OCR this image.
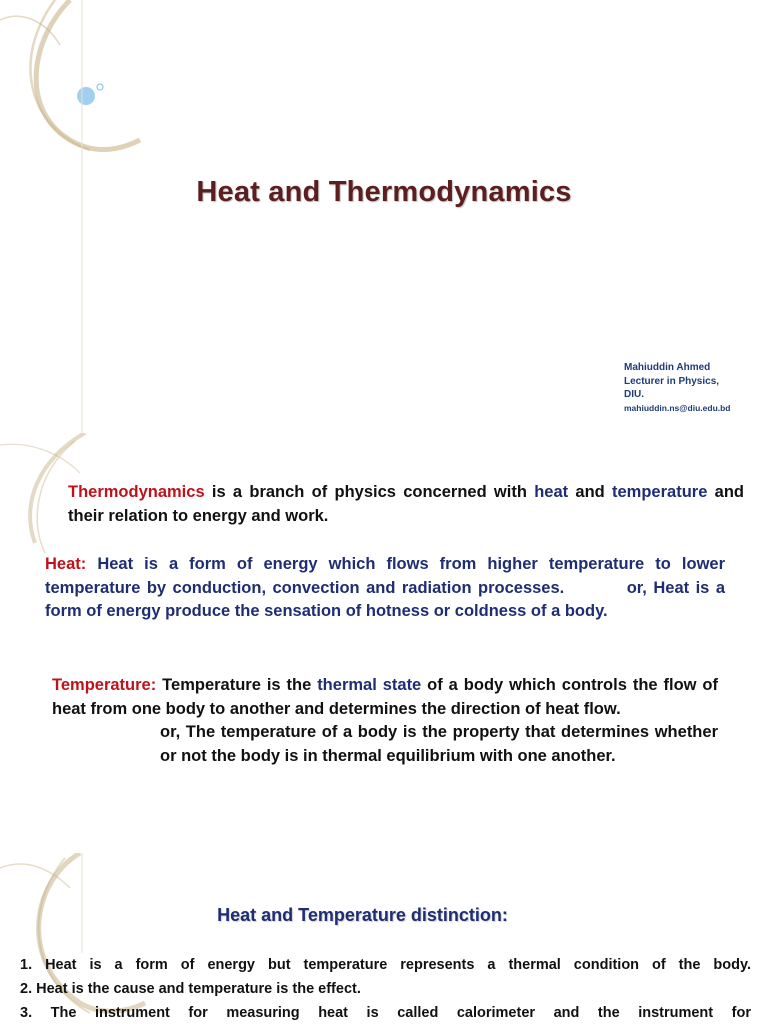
Heat and Thermodynamics
Mahiuddin Ahmed
Lecturer in Physics,
DIU.
mahiuddin.ns@diu.edu.bd
Thermodynamics is a branch of physics concerned with heat and temperature and their relation to energy and work.
Heat: Heat is a form of energy which flows from higher temperature to lower temperature by conduction, convection and radiation processes.	or, Heat is a form of energy produce the sensation of hotness or coldness of a body.
Temperature: Temperature is the thermal state of a body which controls the flow of heat from one body to another and determines the direction of heat flow.
or, The temperature of a body is the property that determines whether or not the body is in thermal equilibrium with one another.
Heat and Temperature distinction:
1. Heat is a form of energy but temperature represents a thermal condition of the body.
2. Heat is the cause and temperature is the effect.
3. The instrument for measuring heat is called calorimeter and the instrument for
